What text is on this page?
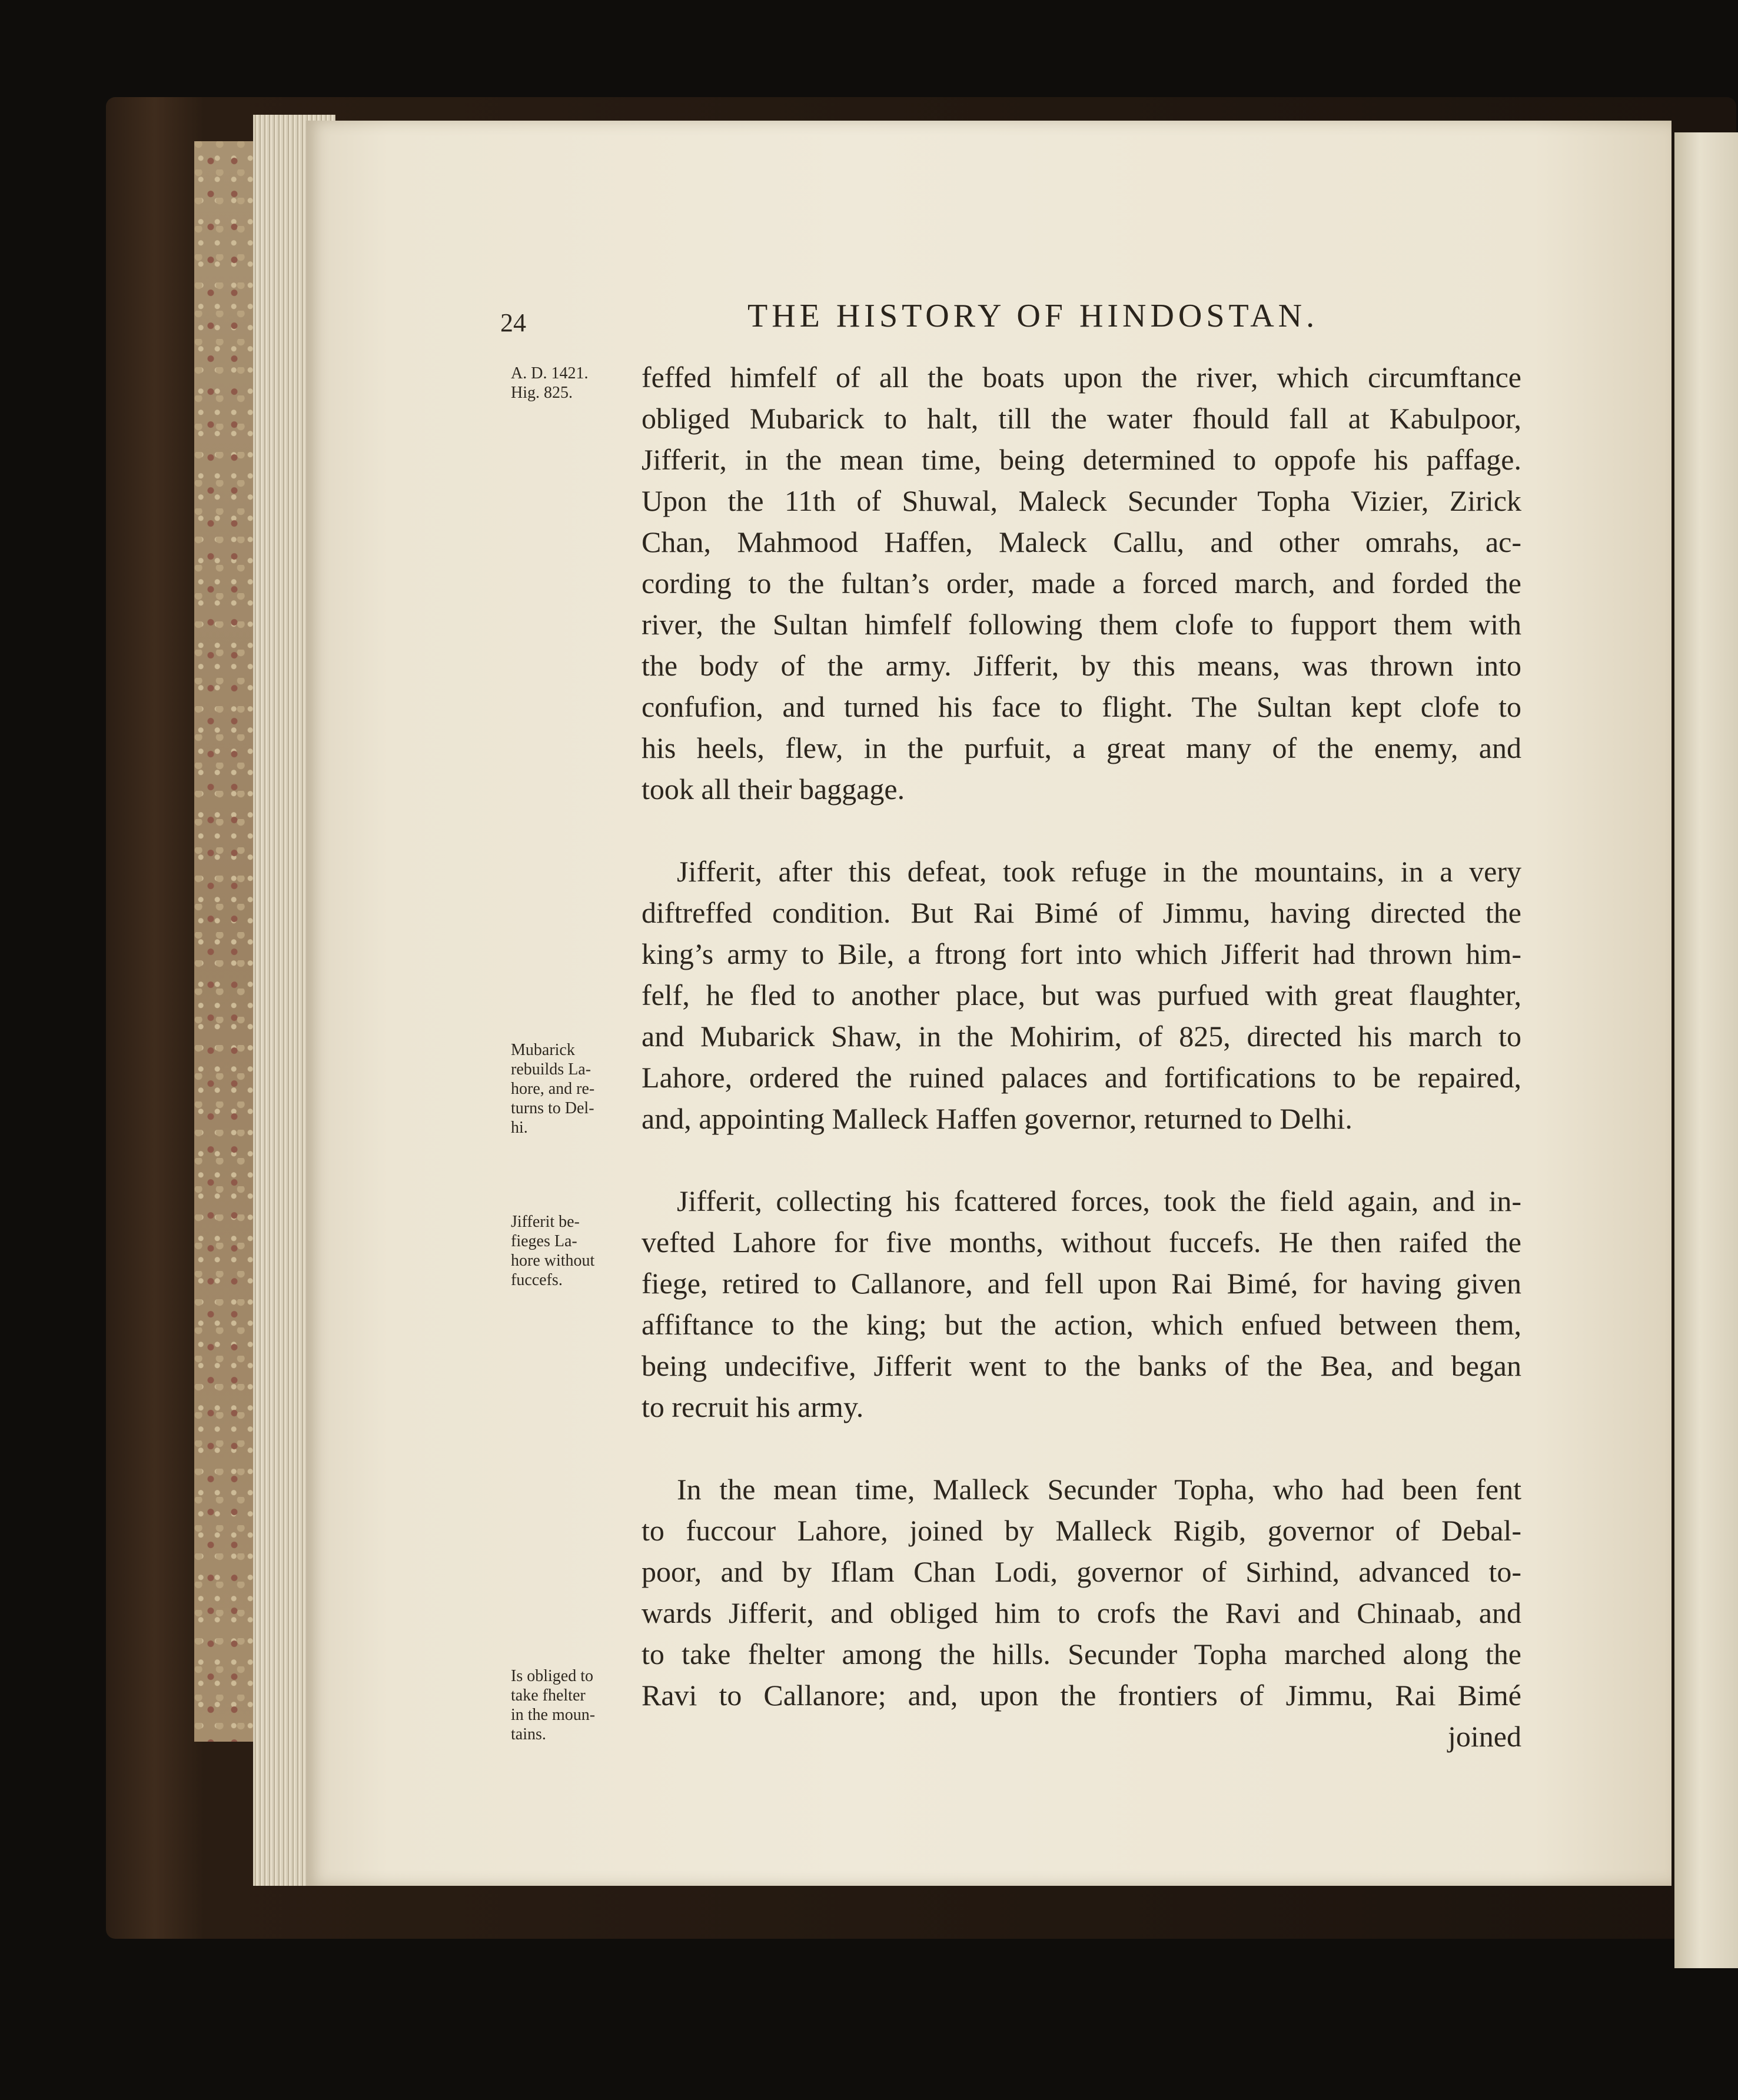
24	THE HISTORY OF HINDOSTAN.
A. D. 1421.
Hig. 825.
Mubarick
rebuilds La-
hore, and re-
turns to Del-
hi.
Jifferit be-
fieges La-
hore without
fuccefs.
Is obliged to
take fhelter
in the moun-
tains.
feffed himfelf of all the boats upon the river, which circumftance
obliged Mubarick to halt, till the water fhould fall at Kabulpoor,
Jifferit, in the mean time, being determined to oppofe his paffage.
Upon the 11th of Shuwal, Maleck Secunder Topha Vizier, Zirick
Chan, Mahmood Haffen, Maleck Callu, and other omrahs, ac-
cording to the fultan’s order, made a forced march, and forded the
river, the Sultan himfelf following them clofe to fupport them with
the body of the army. Jifferit, by this means, was thrown into
confufion, and turned his face to flight. The Sultan kept clofe to
his heels, flew, in the purfuit, a great many of the enemy, and
took all their baggage.
Jifferit, after this defeat, took refuge in the mountains, in a very
diftreffed condition. But Rai Bimé of Jimmu, having directed the
king’s army to Bile, a ftrong fort into which Jifferit had thrown him-
felf, he fled to another place, but was purfued with great flaughter,
and Mubarick Shaw, in the Mohirim, of 825, directed his march to
Lahore, ordered the ruined palaces and fortifications to be repaired,
and, appointing Malleck Haffen governor, returned to Delhi.
Jifferit, collecting his fcattered forces, took the field again, and in-
vefted Lahore for five months, without fuccefs. He then raifed the
fiege, retired to Callanore, and fell upon Rai Bimé, for having given
affiftance to the king; but the action, which enfued between them,
being undecifive, Jifferit went to the banks of the Bea, and began
to recruit his army.
In the mean time, Malleck Secunder Topha, who had been fent
to fuccour Lahore, joined by Malleck Rigib, governor of Debal-
poor, and by Iflam Chan Lodi, governor of Sirhind, advanced to-
wards Jifferit, and obliged him to crofs the Ravi and Chinaab, and
to take fhelter among the hills. Secunder Topha marched along the
Ravi to Callanore; and, upon the frontiers of Jimmu, Rai Bimé
joined
